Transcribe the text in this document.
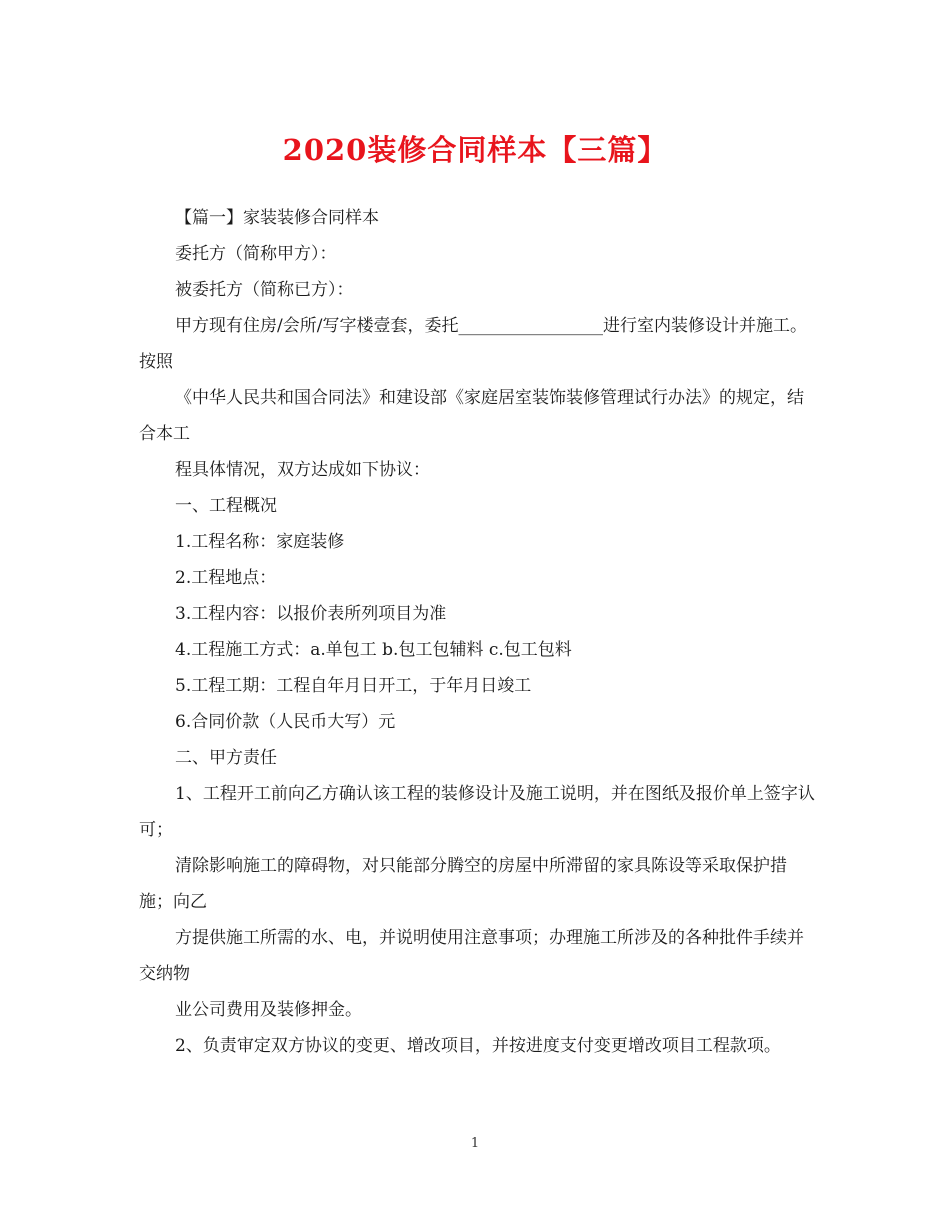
2020装修合同样本【三篇】

【篇一】家装装修合同样本

委托方（简称甲方）：

被委托方（简称已方）：

甲方现有住房/会所/写字楼壹套，委托_________________进行室内装修设计并施工。按照

《中华人民共和国合同法》和建设部《家庭居室装饰装修管理试行办法》的规定，结合本工

程具体情况，双方达成如下协议：

一、工程概况

1.工程名称：家庭装修

2.工程地点：

3.工程内容：以报价表所列项目为准

4.工程施工方式：a.单包工 b.包工包辅料 c.包工包料

5.工程工期：工程自年月日开工，于年月日竣工

6.合同价款（人民币大写）元

二、甲方责任

1、工程开工前向乙方确认该工程的装修设计及施工说明，并在图纸及报价单上签字认可；

清除影响施工的障碍物，对只能部分腾空的房屋中所滞留的家具陈设等采取保护措施；向乙

方提供施工所需的水、电，并说明使用注意事项；办理施工所涉及的各种批件手续并交纳物

业公司费用及装修押金。

2、负责审定双方协议的变更、增改项目，并按进度支付变更增改项目工程款项。

1
